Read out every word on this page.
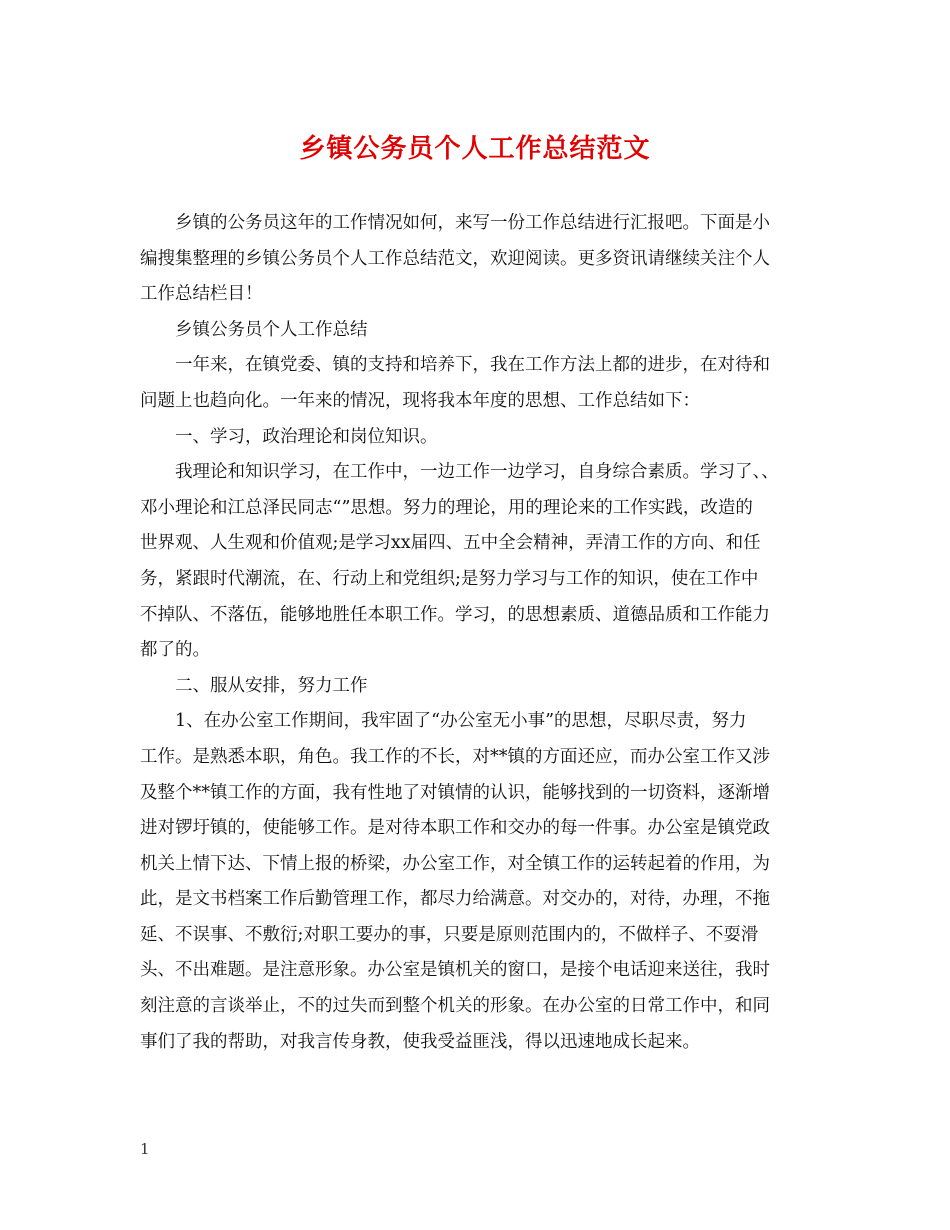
乡镇公务员个人工作总结范文

乡镇的公务员这年的工作情况如何，来写一份工作总结进行汇报吧。下面是小
编搜集整理的乡镇公务员个人工作总结范文，欢迎阅读。更多资讯请继续关注个人
工作总结栏目！

乡镇公务员个人工作总结

一年来，在镇党委、镇的支持和培养下，我在工作方法上都的进步，在对待和
问题上也趋向化。一年来的情况，现将我本年度的思想、工作总结如下：

一、学习，政治理论和岗位知识。

我理论和知识学习，在工作中，一边工作一边学习，自身综合素质。学习了、、
邓小理论和江总泽民同志“”思想。努力的理论，用的理论来的工作实践，改造的
世界观、人生观和价值观;是学习xx届四、五中全会精神，弄清工作的方向、和任
务，紧跟时代潮流，在、行动上和党组织;是努力学习与工作的知识，使在工作中
不掉队、不落伍，能够地胜任本职工作。学习，的思想素质、道德品质和工作能力
都了的。

二、服从安排，努力工作

1、在办公室工作期间，我牢固了“办公室无小事”的思想，尽职尽责，努力
工作。是熟悉本职，角色。我工作的不长，对**镇的方面还应，而办公室工作又涉
及整个**镇工作的方面，我有性地了对镇情的认识，能够找到的一切资料，逐渐增
进对锣圩镇的，使能够工作。是对待本职工作和交办的每一件事。办公室是镇党政
机关上情下达、下情上报的桥梁，办公室工作，对全镇工作的运转起着的作用，为
此，是文书档案工作后勤管理工作，都尽力给满意。对交办的，对待，办理，不拖
延、不误事、不敷衍;对职工要办的事，只要是原则范围内的，不做样子、不耍滑
头、不出难题。是注意形象。办公室是镇机关的窗口，是接个电话迎来送往，我时
刻注意的言谈举止，不的过失而到整个机关的形象。在办公室的日常工作中，和同
事们了我的帮助，对我言传身教，使我受益匪浅，得以迅速地成长起来。

1
